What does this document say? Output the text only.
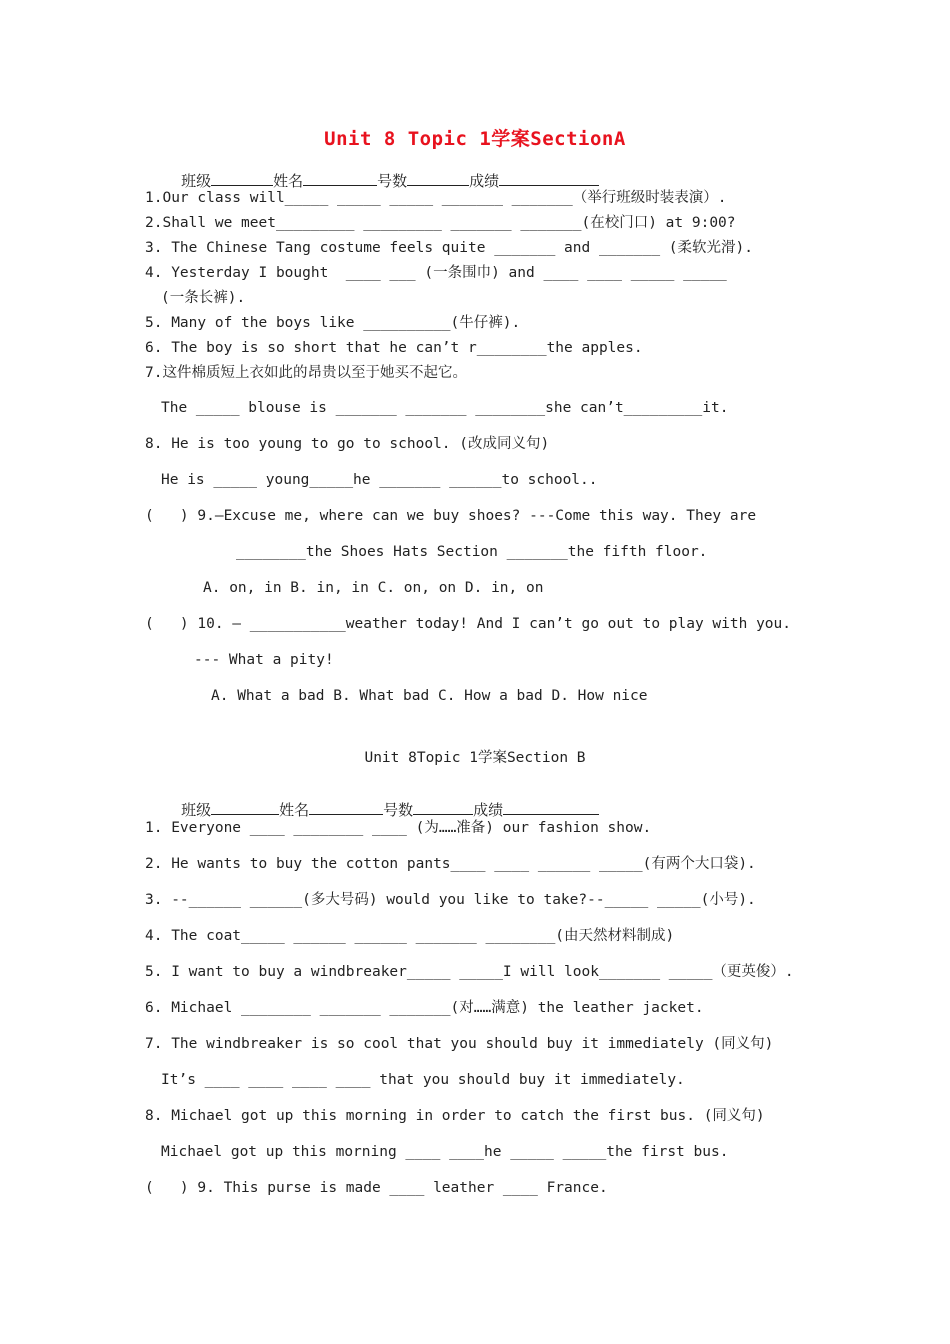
Unit 8 Topic 1学案SectionA

班级	姓名	号数	成绩

1.Our class will_____ _____ _____ _______ _______（举行班级时装表演）.
2.Shall we meet_________ _________ _______ _______(在校门口) at 9:00?
3. The Chinese Tang costume feels quite _______ and _______ (柔软光滑).
4. Yesterday I bought  ____ ___ (一条围巾) and ____ ____ _____ _____
(一条长裤).
5. Many of the boys like __________(牛仔裤).
6. The boy is so short that he can’t r________the apples.
7.这件棉质短上衣如此的昂贵以至于她买不起它。
The _____ blouse is _______ _______ ________she can’t_________it.
8. He is too young to go to school. (改成同义句)
He is _____ young_____he _______ ______to school..
(   ) 9.—Excuse me, where can we buy shoes? ---Come this way. They are
________the Shoes Hats Section _______the fifth floor.
A. on, in B. in, in C. on, on D. in, on
(   ) 10. — ___________weather today! And I can’t go out to play with you.
--- What a pity!
A. What a bad B. What bad C. How a bad D. How nice
Unit 8Topic 1学案Section B

班级	姓名	号数	成绩

1. Everyone ____ ________ ____ (为……准备) our fashion show.
2. He wants to buy the cotton pants____ ____ ______ _____(有两个大口袋).
3. --______ ______(多大号码) would you like to take?--_____ _____(小号).
4. The coat_____ ______ ______ _______ ________(由天然材料制成)
5. I want to buy a windbreaker_____ _____I will look_______ _____（更英俊）.
6. Michael ________ _______ _______(对……满意) the leather jacket.
7. The windbreaker is so cool that you should buy it immediately (同义句)
It’s ____ ____ ____ ____ that you should buy it immediately.
8. Michael got up this morning in order to catch the first bus. (同义句)
Michael got up this morning ____ ____he _____ _____the first bus.
(   ) 9. This purse is made ____ leather ____ France.
